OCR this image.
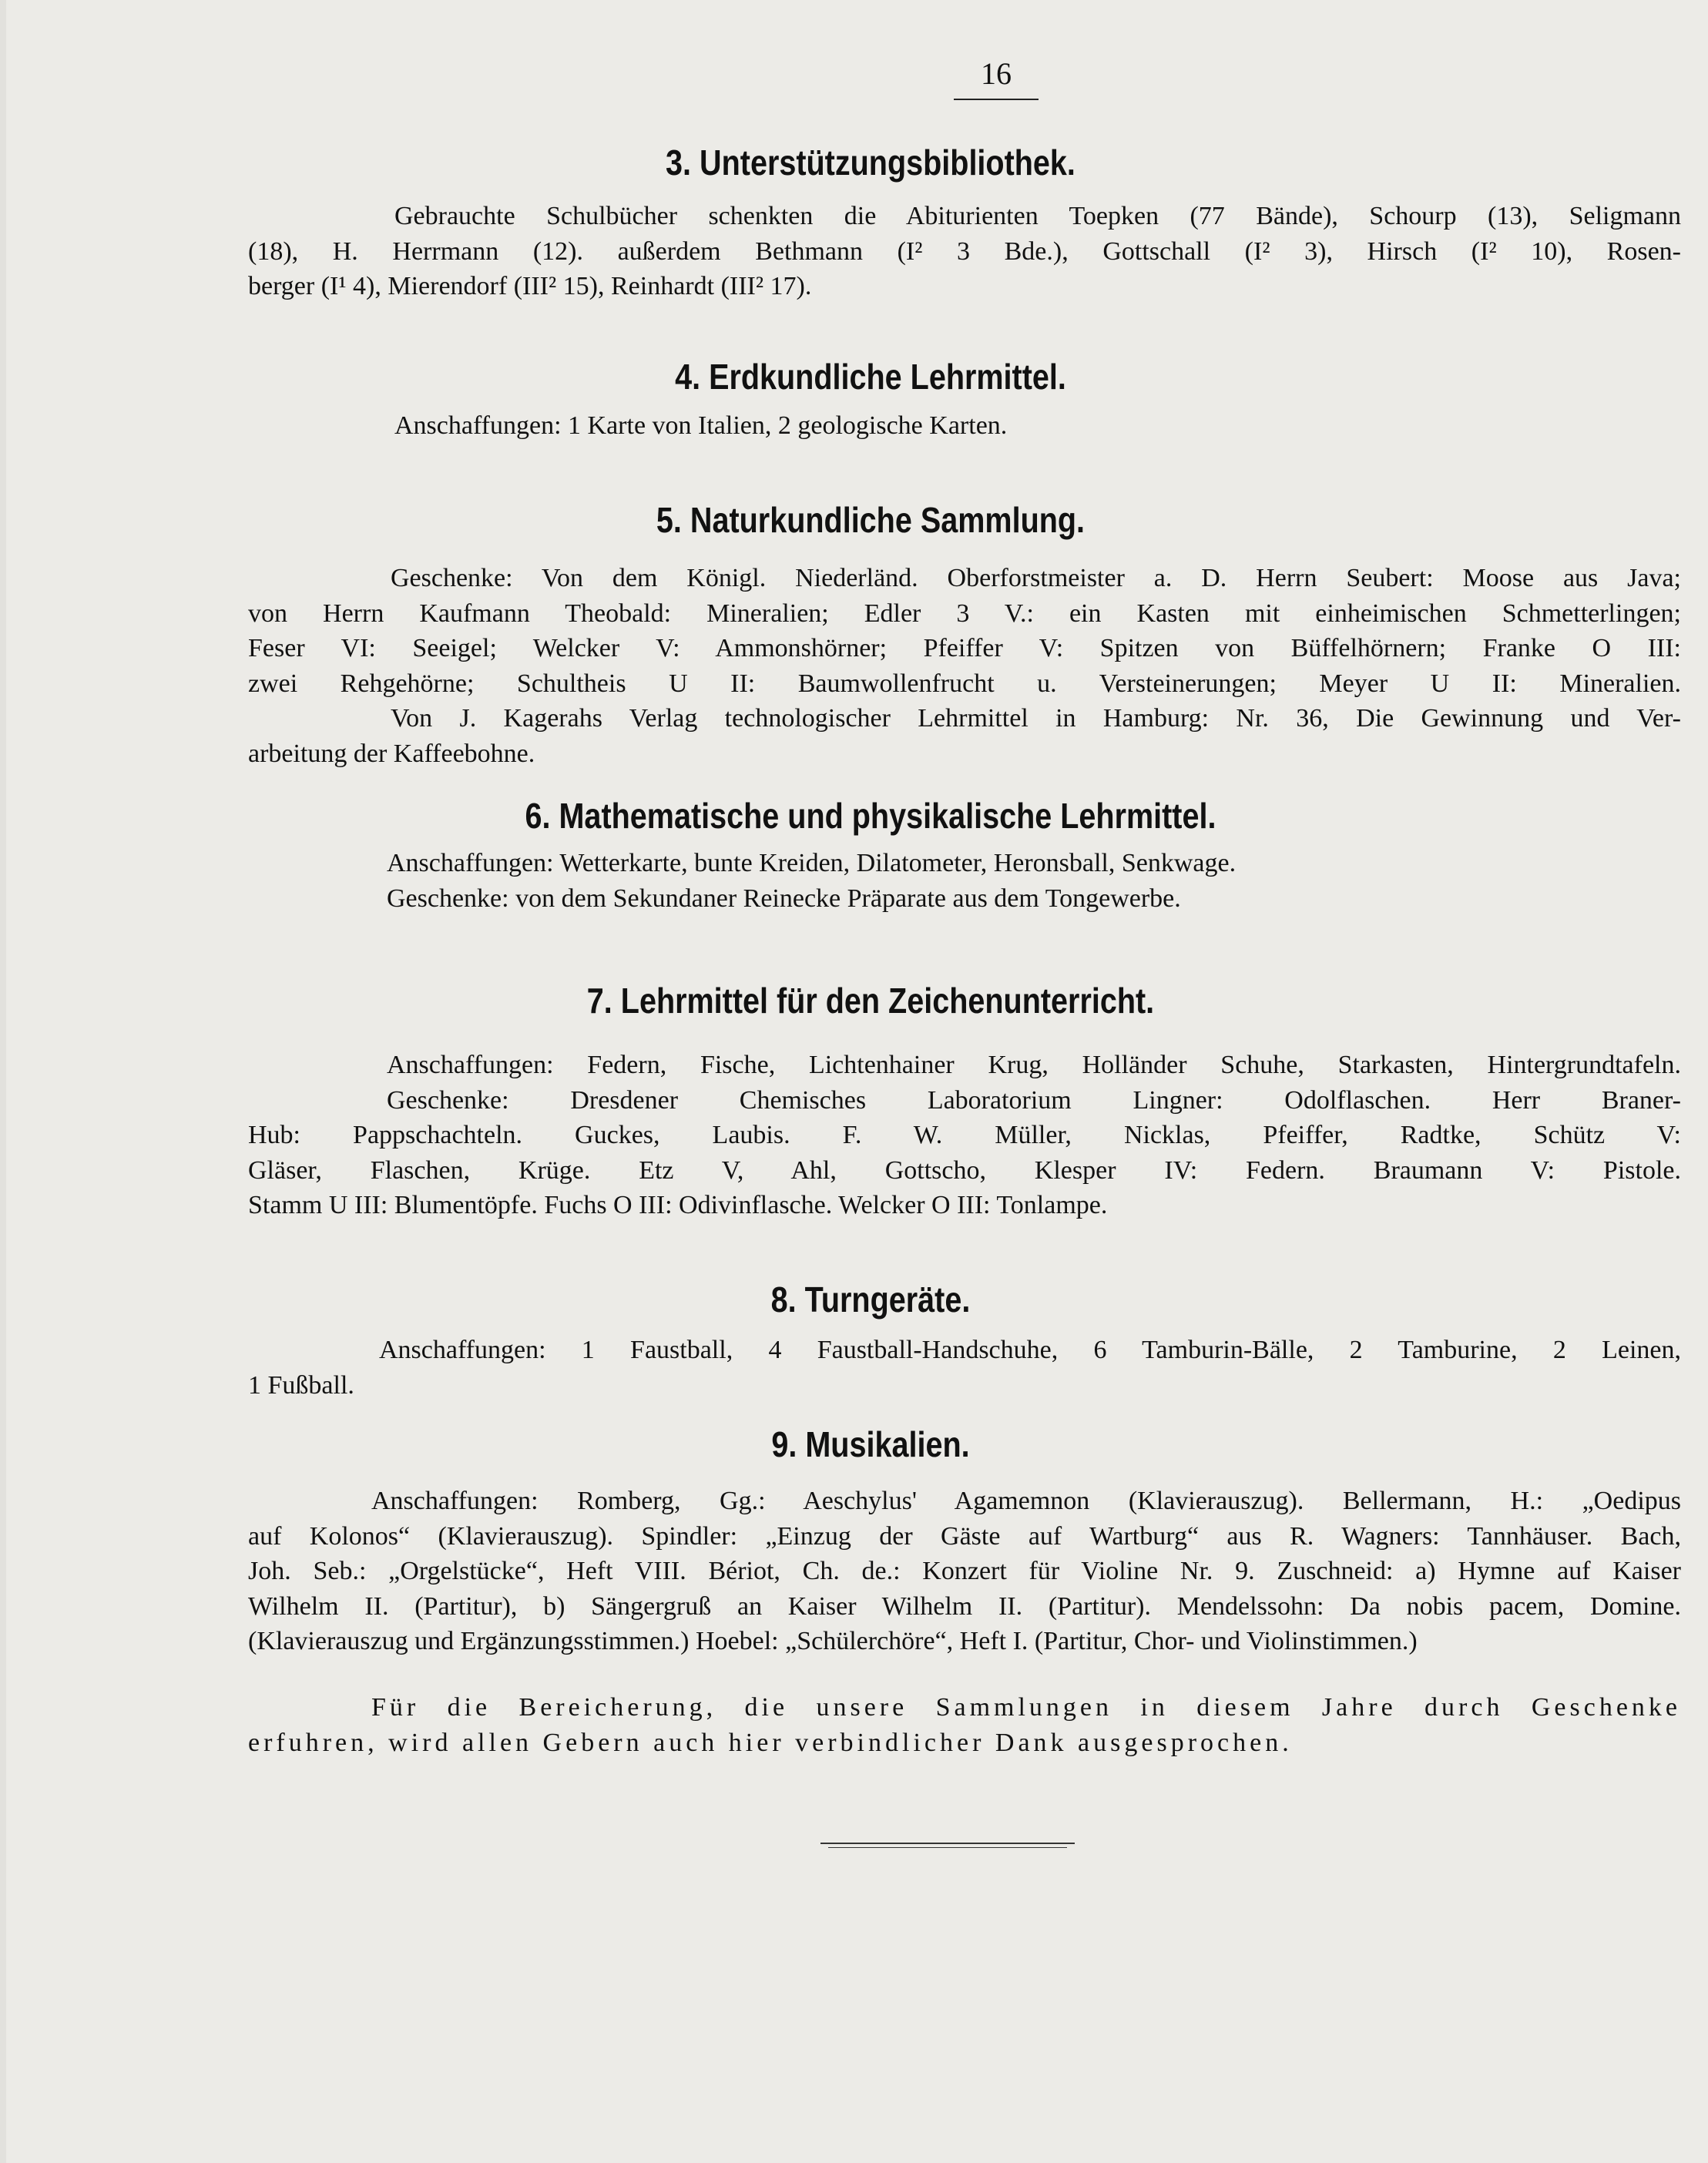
16
3. Unterstützungsbibliothek.
Gebrauchte Schulbücher schenkten die Abiturienten Toepken (77 Bände), Schourp (13), Seligmann
(18), H. Herrmann (12). außerdem Bethmann (I² 3 Bde.), Gottschall (I² 3), Hirsch (I² 10), Rosen-
berger (I¹ 4), Mierendorf (III² 15), Reinhardt (III² 17).
4. Erdkundliche Lehrmittel.
Anschaffungen: 1 Karte von Italien, 2 geologische Karten.
5. Naturkundliche Sammlung.
Geschenke: Von dem Königl. Niederländ. Oberforstmeister a. D. Herrn Seubert: Moose aus Java;
von Herrn Kaufmann Theobald: Mineralien; Edler 3 V.: ein Kasten mit einheimischen Schmetterlingen;
Feser VI: Seeigel; Welcker V: Ammonshörner; Pfeiffer V: Spitzen von Büffelhörnern; Franke O III:
zwei Rehgehörne; Schultheis U II: Baumwollenfrucht u. Versteinerungen; Meyer U II: Mineralien.
Von J. Kagerahs Verlag technologischer Lehrmittel in Hamburg: Nr. 36, Die Gewinnung und Ver-
arbeitung der Kaffeebohne.
6. Mathematische und physikalische Lehrmittel.
Anschaffungen: Wetterkarte, bunte Kreiden, Dilatometer, Heronsball, Senkwage.
Geschenke: von dem Sekundaner Reinecke Präparate aus dem Tongewerbe.
7. Lehrmittel für den Zeichenunterricht.
Anschaffungen: Federn, Fische, Lichtenhainer Krug, Holländer Schuhe, Starkasten, Hintergrundtafeln.
Geschenke: Dresdener Chemisches Laboratorium Lingner: Odolflaschen. Herr Braner-
Hub: Pappschachteln. Guckes, Laubis. F. W. Müller, Nicklas, Pfeiffer, Radtke, Schütz V:
Gläser, Flaschen, Krüge. Etz V, Ahl, Gottscho, Klesper IV: Federn. Braumann V: Pistole.
Stamm U III: Blumentöpfe. Fuchs O III: Odivinflasche. Welcker O III: Tonlampe.
8. Turngeräte.
Anschaffungen: 1 Faustball, 4 Faustball-Handschuhe, 6 Tamburin-Bälle, 2 Tamburine, 2 Leinen,
1 Fußball.
9. Musikalien.
Anschaffungen: Romberg, Gg.: Aeschylus' Agamemnon (Klavierauszug). Bellermann, H.: „Oedipus
auf Kolonos“ (Klavierauszug). Spindler: „Einzug der Gäste auf Wartburg“ aus R. Wagners: Tannhäuser. Bach,
Joh. Seb.: „Orgelstücke“, Heft VIII. Bériot, Ch. de.: Konzert für Violine Nr. 9. Zuschneid: a) Hymne auf Kaiser
Wilhelm II. (Partitur), b) Sängergruß an Kaiser Wilhelm II. (Partitur). Mendelssohn: Da nobis pacem, Domine.
(Klavierauszug und Ergänzungsstimmen.) Hoebel: „Schülerchöre“, Heft I. (Partitur, Chor- und Violinstimmen.)
Für die Bereicherung, die unsere Sammlungen in diesem Jahre durch Geschenke
erfuhren, wird allen Gebern auch hier verbindlicher Dank ausgesprochen.
